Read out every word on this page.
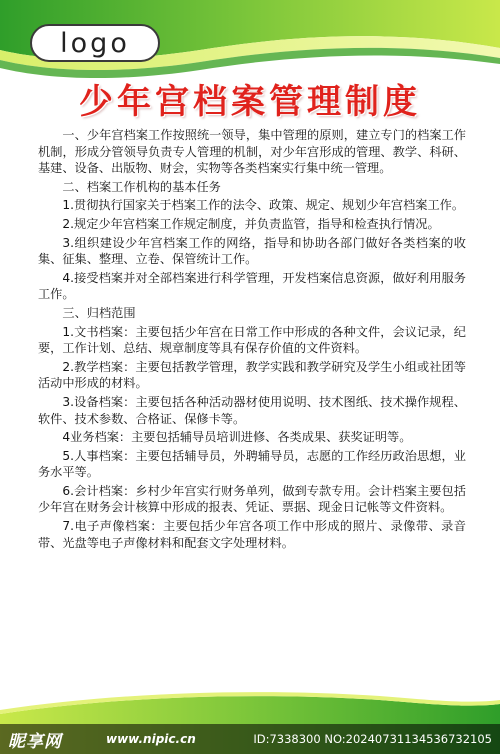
logo
少年宫档案管理制度

一、少年宫档案工作按照统一领导，集中管理的原则，建立专门的档案工作机制，形成分管领导负责专人管理的机制，对少年宫形成的管理、教学、科研、基建、设备、出版物、财会，实物等各类档案实行集中统一管理。

二、档案工作机构的基本任务

1.贯彻执行国家关于档案工作的法令、政策、规定、规划少年宫档案工作。

2.规定少年宫档案工作规定制度，并负责监管，指导和检查执行情况。

3.组织建设少年宫档案工作的网络，指导和协助各部门做好各类档案的收集、征集、整理、立卷、保管统计工作。

4.接受档案并对全部档案进行科学管理，开发档案信息资源，做好利用服务工作。

三、归档范围

1.文书档案：主要包括少年宫在日常工作中形成的各种文件，会议记录，纪要，工作计划、总结、规章制度等具有保存价值的文件资料。

2.教学档案：主要包括教学管理，教学实践和教学研究及学生小组或社团等活动中形成的材料。

3.设备档案：主要包括各种活动器材使用说明、技术图纸、技术操作规程、软件、技术参数、合格证、保修卡等。

4业务档案：主要包括辅导员培训进修、各类成果、获奖证明等。

5.人事档案：主要包括辅导员，外聘辅导员，志愿的工作经历政治思想，业务水平等。

6.会计档案：乡村少年宫实行财务单列，做到专款专用。会计档案主要包括少年宫在财务会计核算中形成的报表、凭证、票据、现金日记帐等文件资料。

7.电子声像档案：主要包括少年宫各项工作中形成的照片、录像带、录音带、光盘等电子声像材料和配套文字处理材料。

昵享网	www.nipic.cn	ID:7338300 NO:20240731134536732105
